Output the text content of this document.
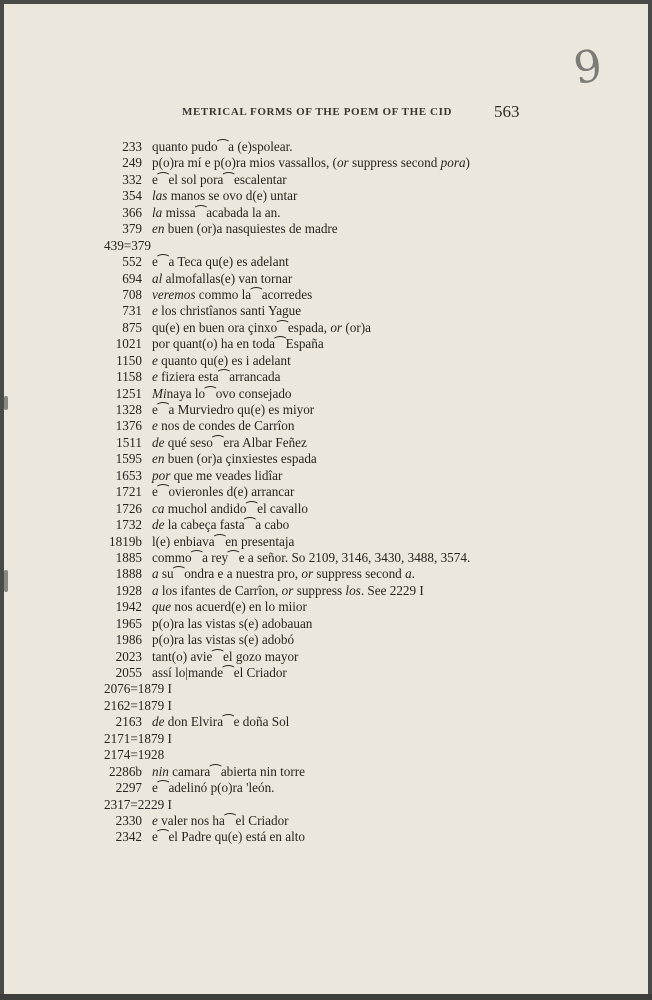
9
METRICAL FORMS OF THE POEM OF THE CID 563
233 quanto pudo⁀a (e)spolear.
249 p(o)ra mí e p(o)ra mios vassallos, (or suppress second pora)
332 e⁀el sol pora⁀escalentar
354 las manos se ovo d(e) untar
366 la missa⁀acabada la an.
379 en buen (or)a nasquiestes de madre
439=379
552 e⁀a Teca qu(e) es adelant
694 al almofallas(e) van tornar
708 veremos commo la⁀acorredes
731 e los christîanos santi Yague
875 qu(e) en buen ora çinxo⁀espada, or (or)a
1021 por quant(o) ha en toda⁀España
1150 e quanto qu(e) es i adelant
1158 e fiziera esta⁀arrancada
1251 Minaya lo⁀ovo consejado
1328 e⁀a Murviedro qu(e) es miyor
1376 e nos de condes de Carrîon
1511 de qué seso⁀era Albar Feñez
1595 en buen (or)a çinxiestes espada
1653 por que me veades lidîar
1721 e⁀ovieronles d(e) arrancar
1726 ca muchol andido⁀el cavallo
1732 de la cabeça fasta⁀a cabo
1819b l(e) enbiava⁀en presentaja
1885 commo⁀a rey⁀e a señor. So 2109, 3146, 3430, 3488, 3574.
1888 a su⁀ondra e a nuestra pro, or suppress second a.
1928 a los ifantes de Carrîon, or suppress los. See 2229 I
1942 que nos acuerd(e) en lo miior
1965 p(o)ra las vistas s(e) adobauan
1986 p(o)ra las vistas s(e) adobó
2023 tant(o) avie⁀el gozo mayor
2055 assí lo|mande⁀el Criador
2076=1879 I
2162=1879 I
2163 de don Elvira⁀e doña Sol
2171=1879 I
2174=1928
2286b nin camara⁀abierta nin torre
2297 e⁀adelinó p(o)ra 'león.
2317=2229 I
2330 e valer nos ha⁀el Criador
2342 e⁀el Padre qu(e) está en alto
